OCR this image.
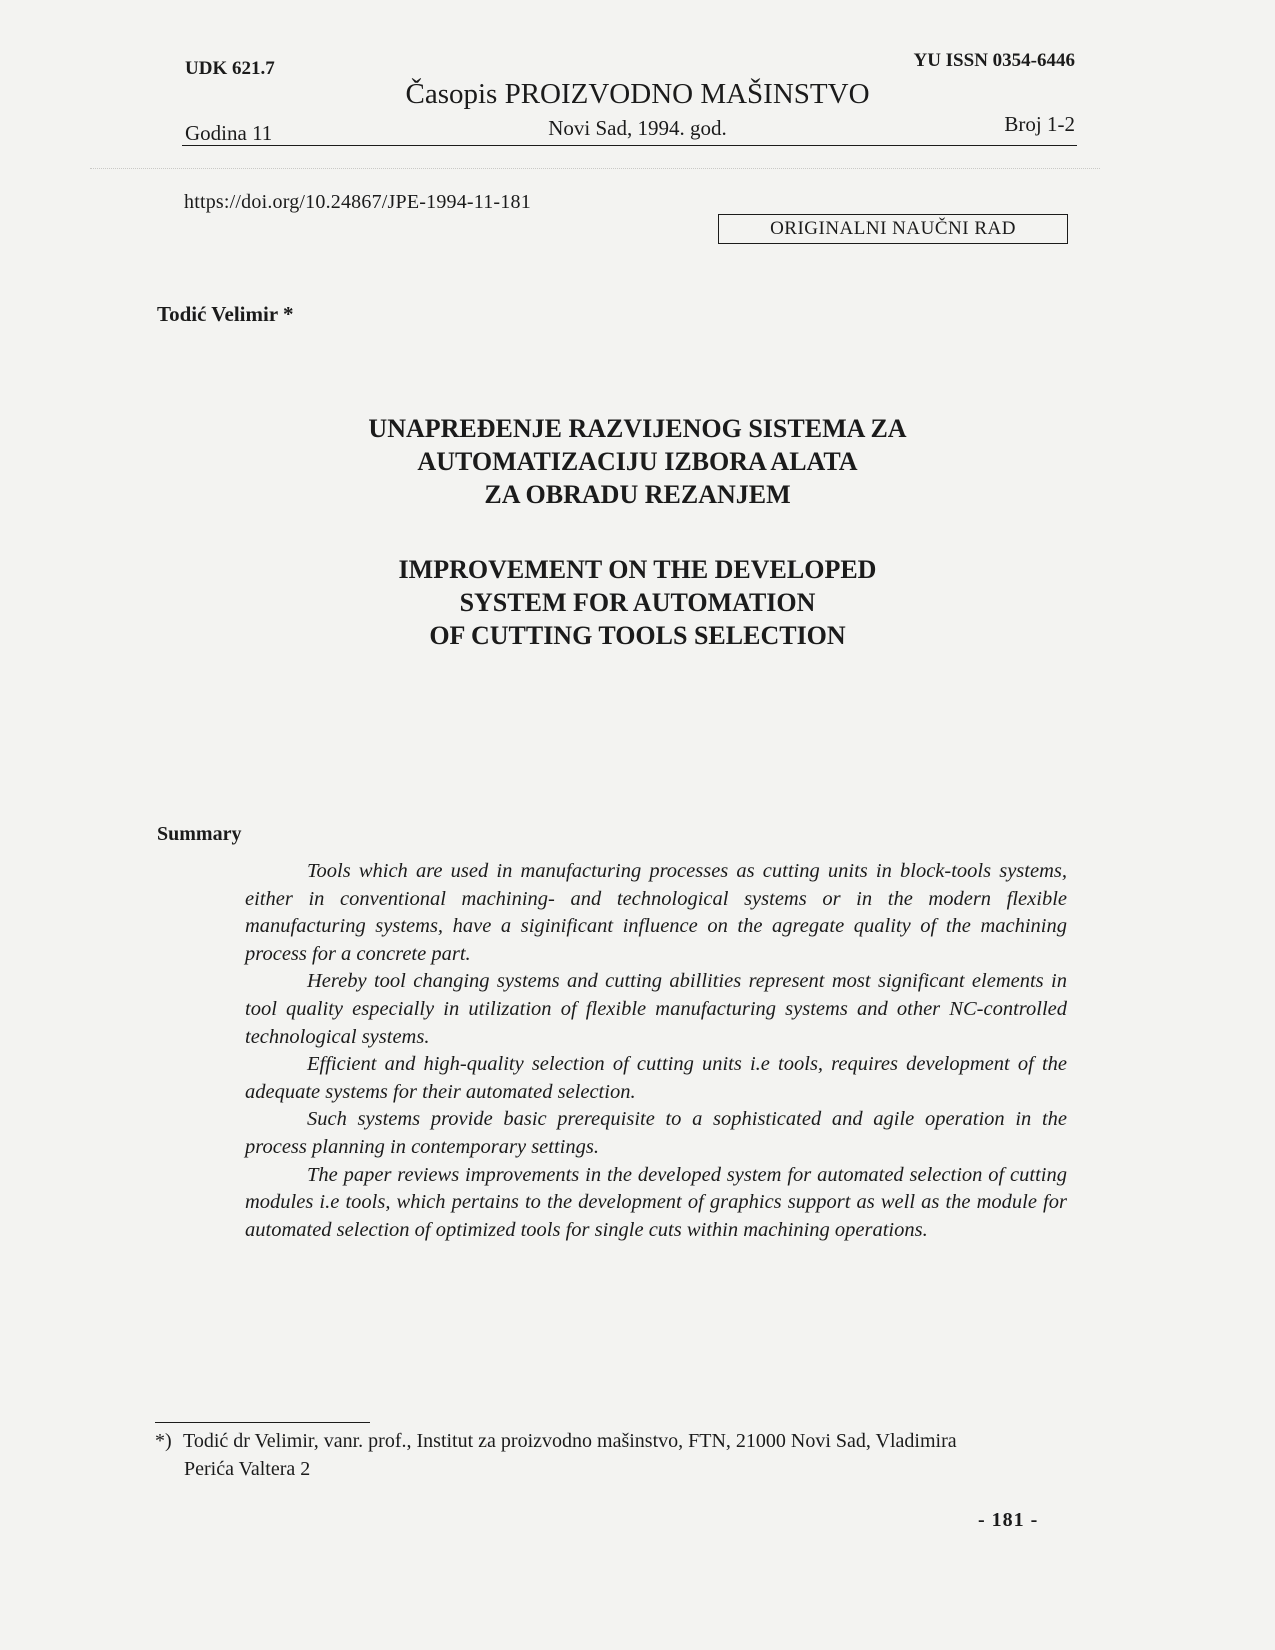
UDK 621.7	YU ISSN 0354-6446
Časopis PROIZVODNO MAŠINSTVO
Godina 11	Novi Sad, 1994. god.	Broj 1-2
https://doi.org/10.24867/JPE-1994-11-181
ORIGINALNI NAUČNI RAD
Todić Velimir *
UNAPREĐENJE RAZVIJENOG SISTEMA ZA
AUTOMATIZACIJU IZBORA ALATA
ZA OBRADU REZANJEM
IMPROVEMENT ON THE DEVELOPED
SYSTEM FOR AUTOMATION
OF CUTTING TOOLS SELECTION
Summary

Tools which are used in manufacturing processes as cutting units in block-tools systems, either in conventional machining- and technological systems or in the modern flexible manufacturing systems, have a siginificant influence on the agregate quality of the machining process for a concrete part.

Hereby tool changing systems and cutting abillities represent most significant elements in tool quality especially in utilization of flexible manufacturing systems and other NC-controlled technological systems.

Efficient and high-quality selection of cutting units i.e tools, requires development of the adequate systems for their automated selection.

Such systems provide basic prerequisite to a sophisticated and agile operation in the process planning in contemporary settings.

The paper reviews improvements in the developed system for automated selection of cutting modules i.e tools, which pertains to the development of graphics support as well as the module for automated selection of optimized tools for single cuts within machining operations.

*) Todić dr Velimir, vanr. prof., Institut za proizvodno mašinstvo, FTN, 21000 Novi Sad, Vladimira
Perića Valtera 2
- 181 -
